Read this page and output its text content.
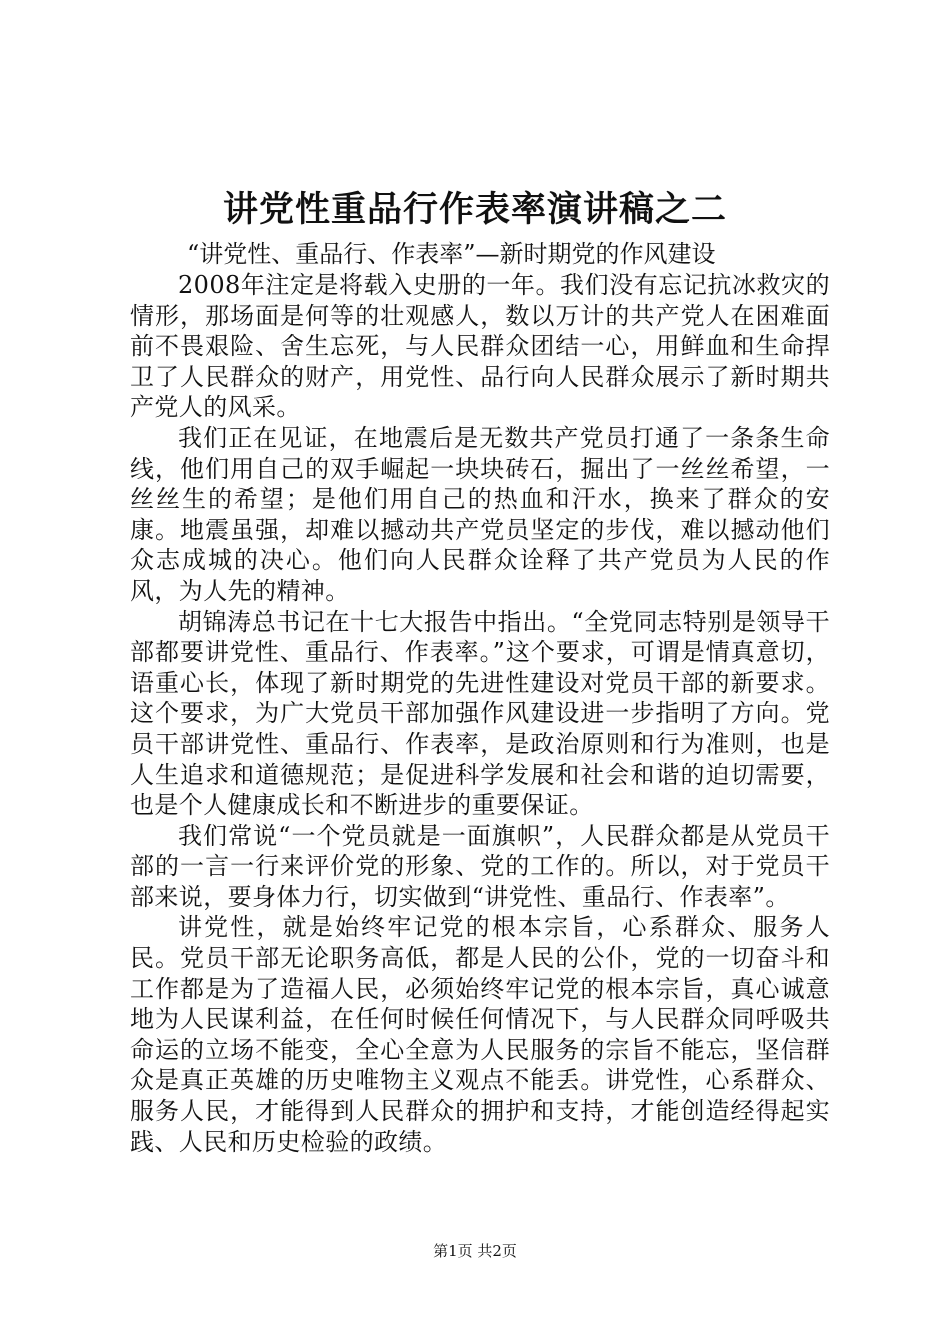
讲党性重品行作表率演讲稿之二
“讲党性、重品行、作表率”—新时期党的作风建设

2008年注定是将载入史册的一年。我们没有忘记抗冰救灾的情形，那场面是何等的壮观感人，数以万计的共产党人在困难面前不畏艰险、舍生忘死，与人民群众团结一心，用鲜血和生命捍卫了人民群众的财产，用党性、品行向人民群众展示了新时期共产党人的风采。

我们正在见证，在地震后是无数共产党员打通了一条条生命线，他们用自己的双手崛起一块块砖石，掘出了一丝丝希望，一丝丝生的希望；是他们用自己的热血和汗水，换来了群众的安康。地震虽强，却难以撼动共产党员坚定的步伐，难以撼动他们众志成城的决心。他们向人民群众诠释了共产党员为人民的作风，为人先的精神。

胡锦涛总书记在十七大报告中指出。“全党同志特别是领导干部都要讲党性、重品行、作表率。”这个要求，可谓是情真意切，语重心长，体现了新时期党的先进性建设对党员干部的新要求。这个要求，为广大党员干部加强作风建设进一步指明了方向。党员干部讲党性、重品行、作表率，是政治原则和行为准则，也是人生追求和道德规范；是促进科学发展和社会和谐的迫切需要，也是个人健康成长和不断进步的重要保证。

我们常说“一个党员就是一面旗帜”，人民群众都是从党员干部的一言一行来评价党的形象、党的工作的。所以，对于党员干部来说，要身体力行，切实做到“讲党性、重品行、作表率”。

讲党性，就是始终牢记党的根本宗旨，心系群众、服务人民。党员干部无论职务高低，都是人民的公仆，党的一切奋斗和工作都是为了造福人民，必须始终牢记党的根本宗旨，真心诚意地为人民谋利益，在任何时候任何情况下，与人民群众同呼吸共命运的立场不能变，全心全意为人民服务的宗旨不能忘，坚信群众是真正英雄的历史唯物主义观点不能丢。讲党性，心系群众、服务人民，才能得到人民群众的拥护和支持，才能创造经得起实践、人民和历史检验的政绩。

第1页 共2页
